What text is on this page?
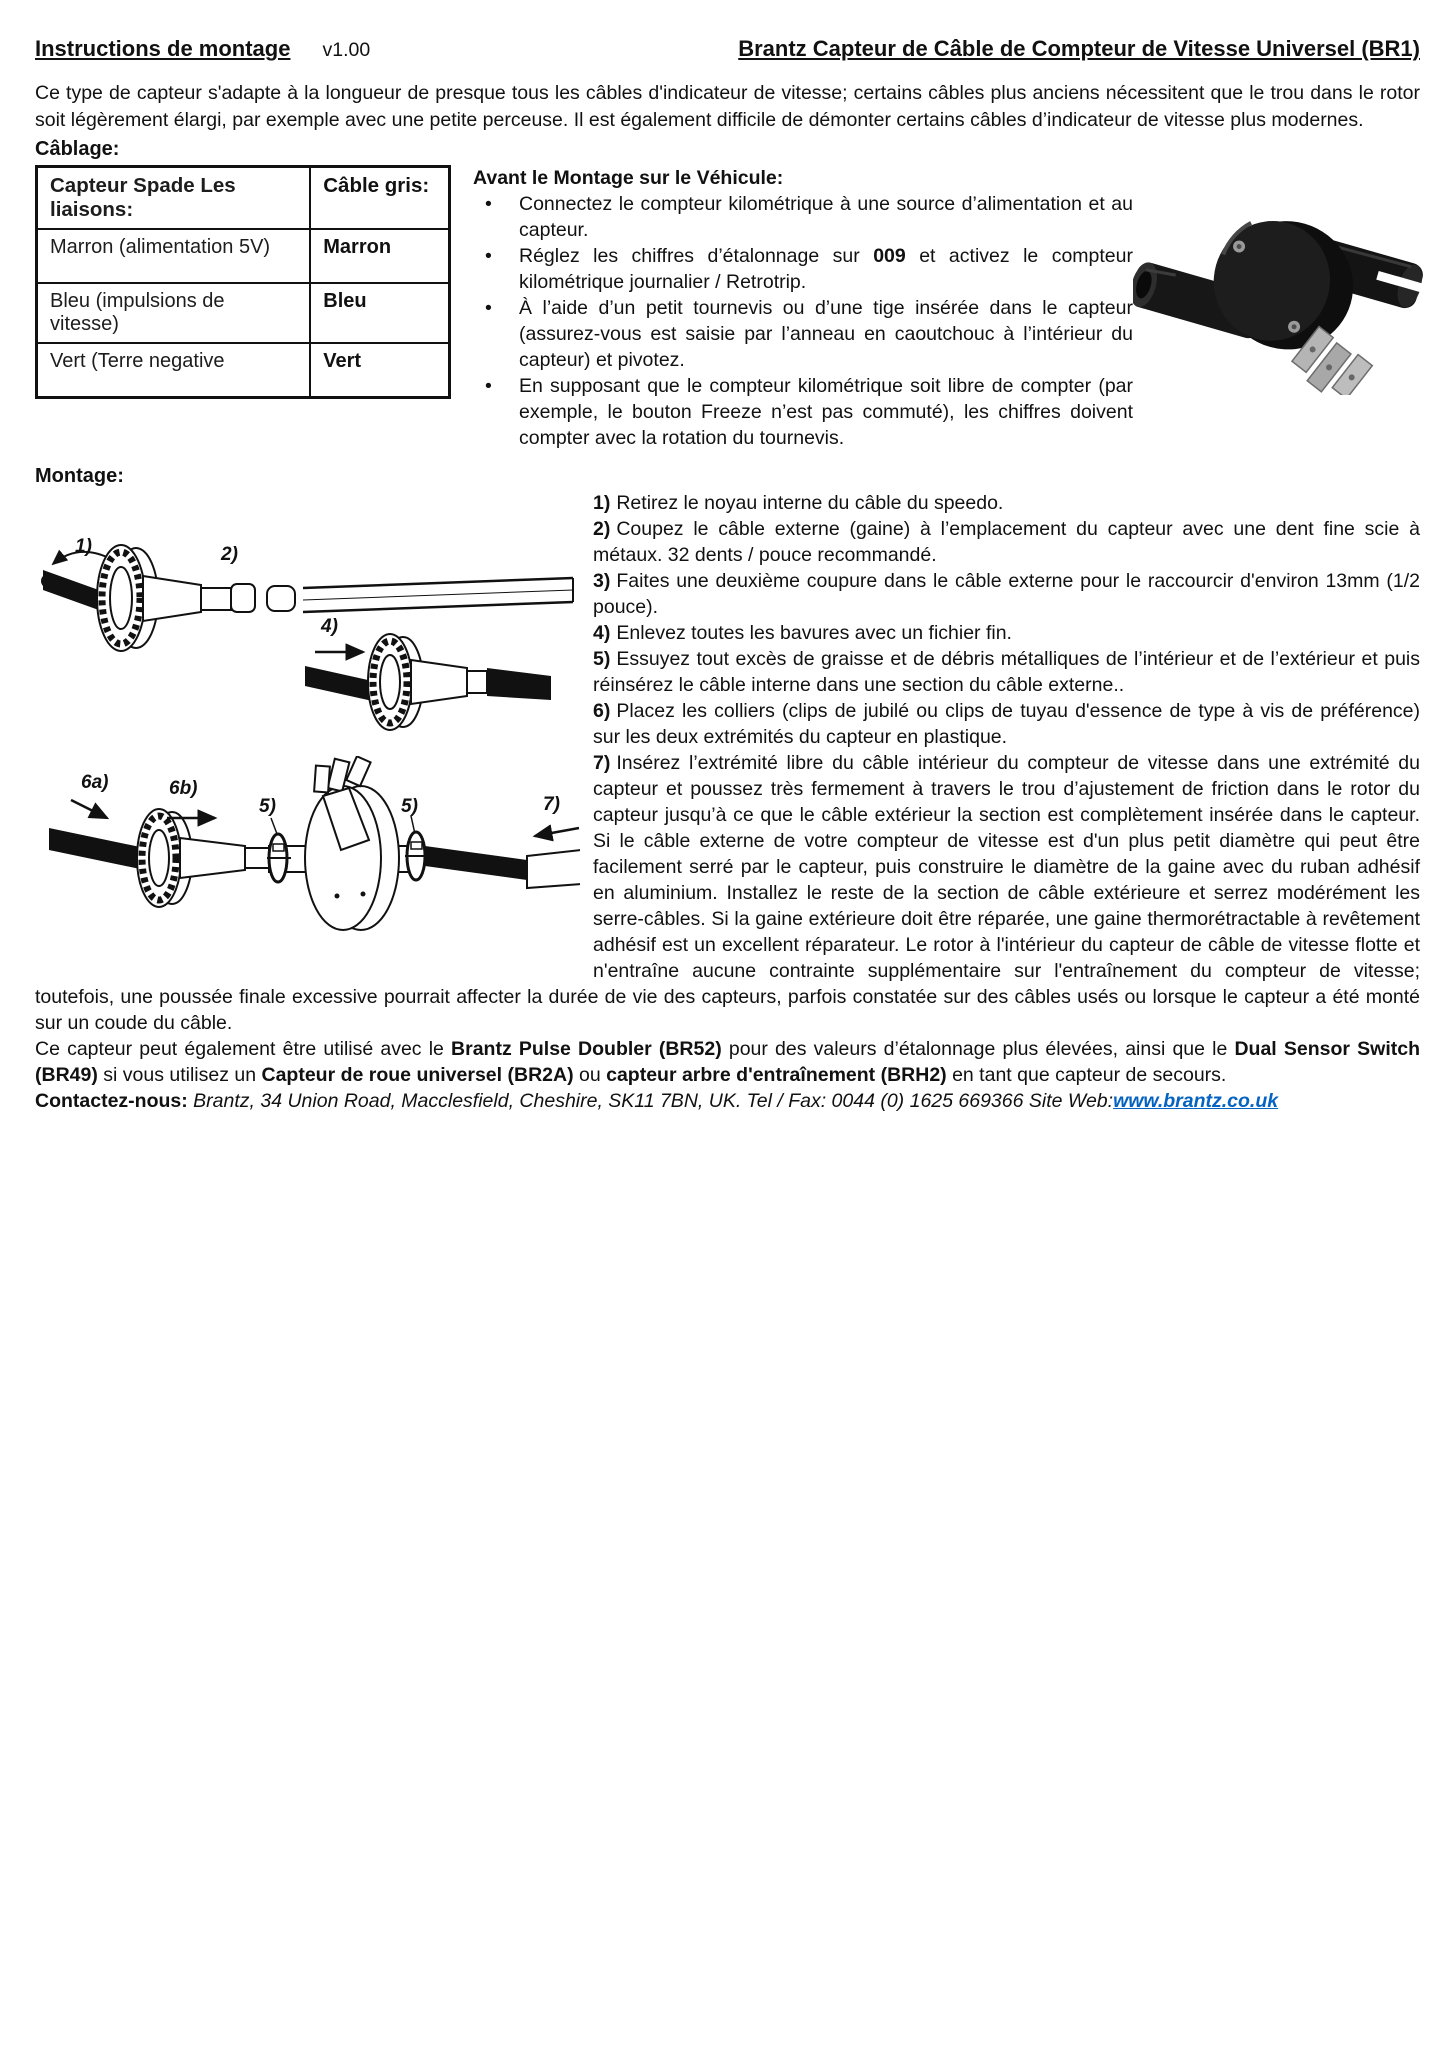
Instructions de montage v1.00	Brantz Capteur de Câble de Compteur de Vitesse Universel (BR1)

Ce type de capteur s'adapte à la longueur de presque tous les câbles d'indicateur de vitesse; certains câbles plus anciens nécessitent que le trou dans le rotor soit légèrement élargi, par exemple avec une petite perceuse. Il est également difficile de démonter certains câbles d’indicateur de vitesse plus modernes.

Câblage:
Capteur Spade Les liaisons:	Câble gris:
Marron (alimentation 5V)	Marron
Bleu (impulsions de vitesse)	Bleu
Vert (Terre negative	Vert
Avant le Montage sur le Véhicule:
•	Connectez le compteur kilométrique à une source d’alimentation et au capteur.
•	Réglez les chiffres d’étalonnage sur 009 et activez le compteur kilométrique journalier / Retrotrip.
•	À l’aide d’un petit tournevis ou d’une tige insérée dans le capteur (assurez-vous est saisie par l’anneau en caoutchouc à l’intérieur du capteur) et pivotez.
•	En supposant que le compteur kilométrique soit libre de compter (par exemple, le bouton Freeze n’est pas commuté), les chiffres doivent compter avec la rotation du tournevis.
Montage:
1)	2)
4)
6a)	6b)
5)	5)	7)

1) Retirez le noyau interne du câble du speedo.

2) Coupez le câble externe (gaine) à l’emplacement du capteur avec une dent fine scie à métaux. 32 dents / pouce recommandé.

3) Faites une deuxième coupure dans le câble externe pour le raccourcir d'environ 13mm (1/2 pouce).

4) Enlevez toutes les bavures avec un fichier fin.

5) Essuyez tout excès de graisse et de débris métalliques de l’intérieur et de l’extérieur et puis réinsérez le câble interne dans une section du câble externe..

6) Placez les colliers (clips de jubilé ou clips de tuyau d'essence de type à vis de préférence) sur les deux extrémités du capteur en plastique.

7) Insérez l’extrémité libre du câble intérieur du compteur de vitesse dans une extrémité du capteur et poussez très fermement à travers le trou d’ajustement de friction dans le rotor du capteur jusqu’à ce que le câble extérieur la section est complètement insérée dans le capteur. Si le câble externe de votre compteur de vitesse est d'un plus petit diamètre qui peut être facilement serré par le capteur, puis construire le diamètre de la gaine avec du ruban adhésif en aluminium. Installez le reste de la section de câble extérieure et serrez modérément les serre-câbles. Si la gaine extérieure doit être réparée, une gaine thermorétractable à revêtement adhésif est un excellent réparateur. Le rotor à l'intérieur du capteur de câble de vitesse flotte et n'entraîne aucune contrainte supplémentaire sur l'entraînement du compteur de vitesse; toutefois, une poussée finale excessive pourrait affecter la durée de vie des capteurs, parfois constatée sur des câbles usés ou lorsque le capteur a été monté sur un coude du câble.

Ce capteur peut également être utilisé avec le Brantz Pulse Doubler (BR52) pour des valeurs d’étalonnage plus élevées, ainsi que le Dual Sensor Switch (BR49) si vous utilisez un Capteur de roue universel (BR2A) ou capteur arbre d'entraînement (BRH2) en tant que capteur de secours.

Contactez-nous: Brantz, 34 Union Road, Macclesfield, Cheshire, SK11 7BN, UK. Tel / Fax: 0044 (0) 1625 669366 Site Web:www.brantz.co.uk
